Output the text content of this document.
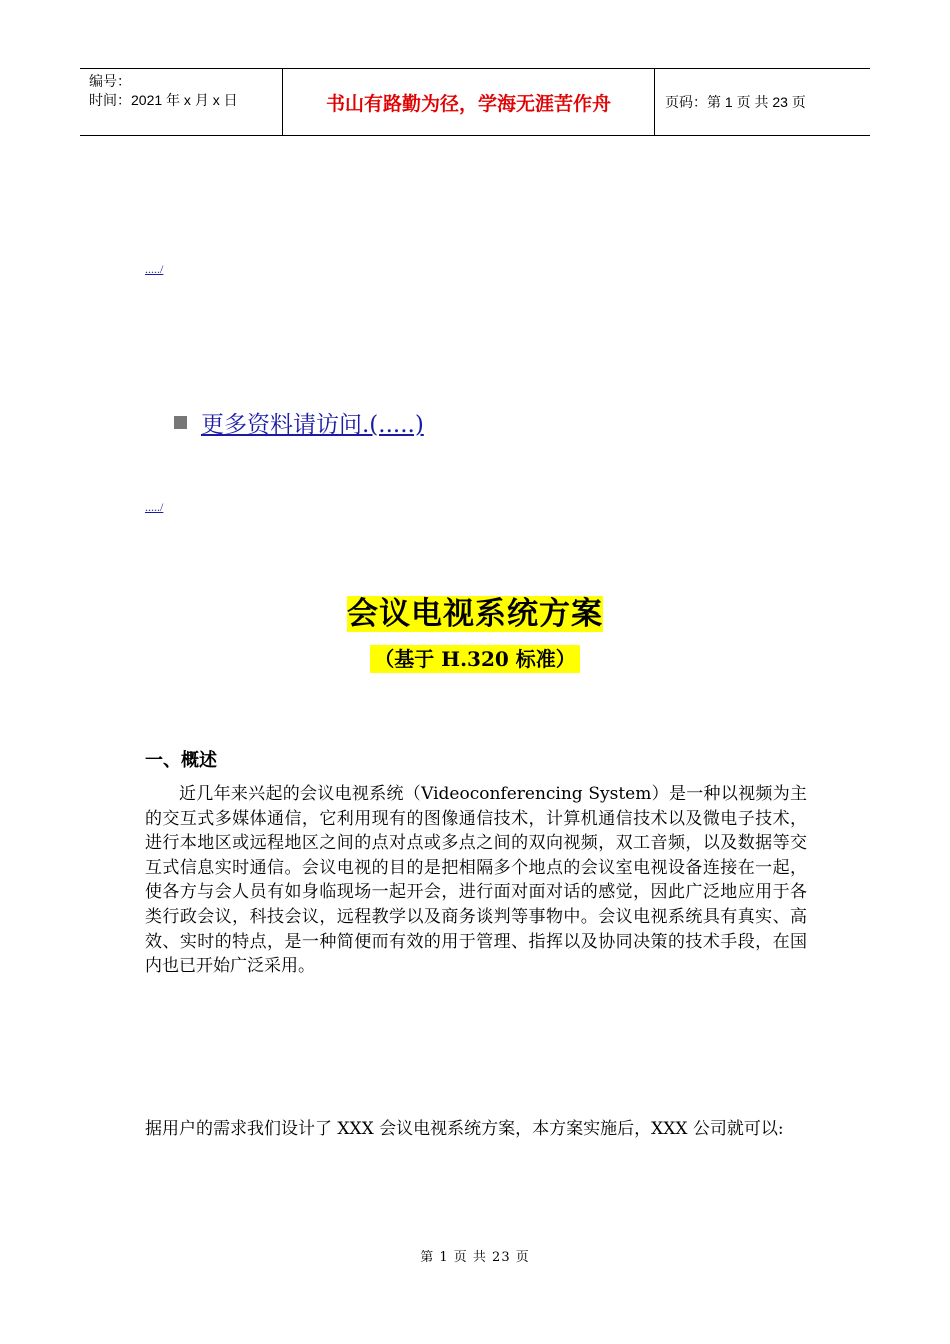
编号：
时间：2021 年 x 月 x 日	书山有路勤为径，学海无涯苦作舟	页码：第 1 页 共 23 页
...../
更多资料请访问.(.....)
...../
会议电视系统方案
（基于 H.320 标准）
一、概述
近几年来兴起的会议电视系统（Videoconferencing System）是一种以视频为主的交互式多媒体通信，它利用现有的图像通信技术，计算机通信技术以及微电子技术，进行本地区或远程地区之间的点对点或多点之间的双向视频，双工音频，以及数据等交互式信息实时通信。会议电视的目的是把相隔多个地点的会议室电视设备连接在一起，使各方与会人员有如身临现场一起开会，进行面对面对话的感觉，因此广泛地应用于各类行政会议，科技会议，远程教学以及商务谈判等事物中。会议电视系统具有真实、高效、实时的特点，是一种简便而有效的用于管理、指挥以及协同决策的技术手段，在国内也已开始广泛采用。
据用户的需求我们设计了 XXX 会议电视系统方案，本方案实施后，XXX 公司就可以:
第 1 页 共 23 页
